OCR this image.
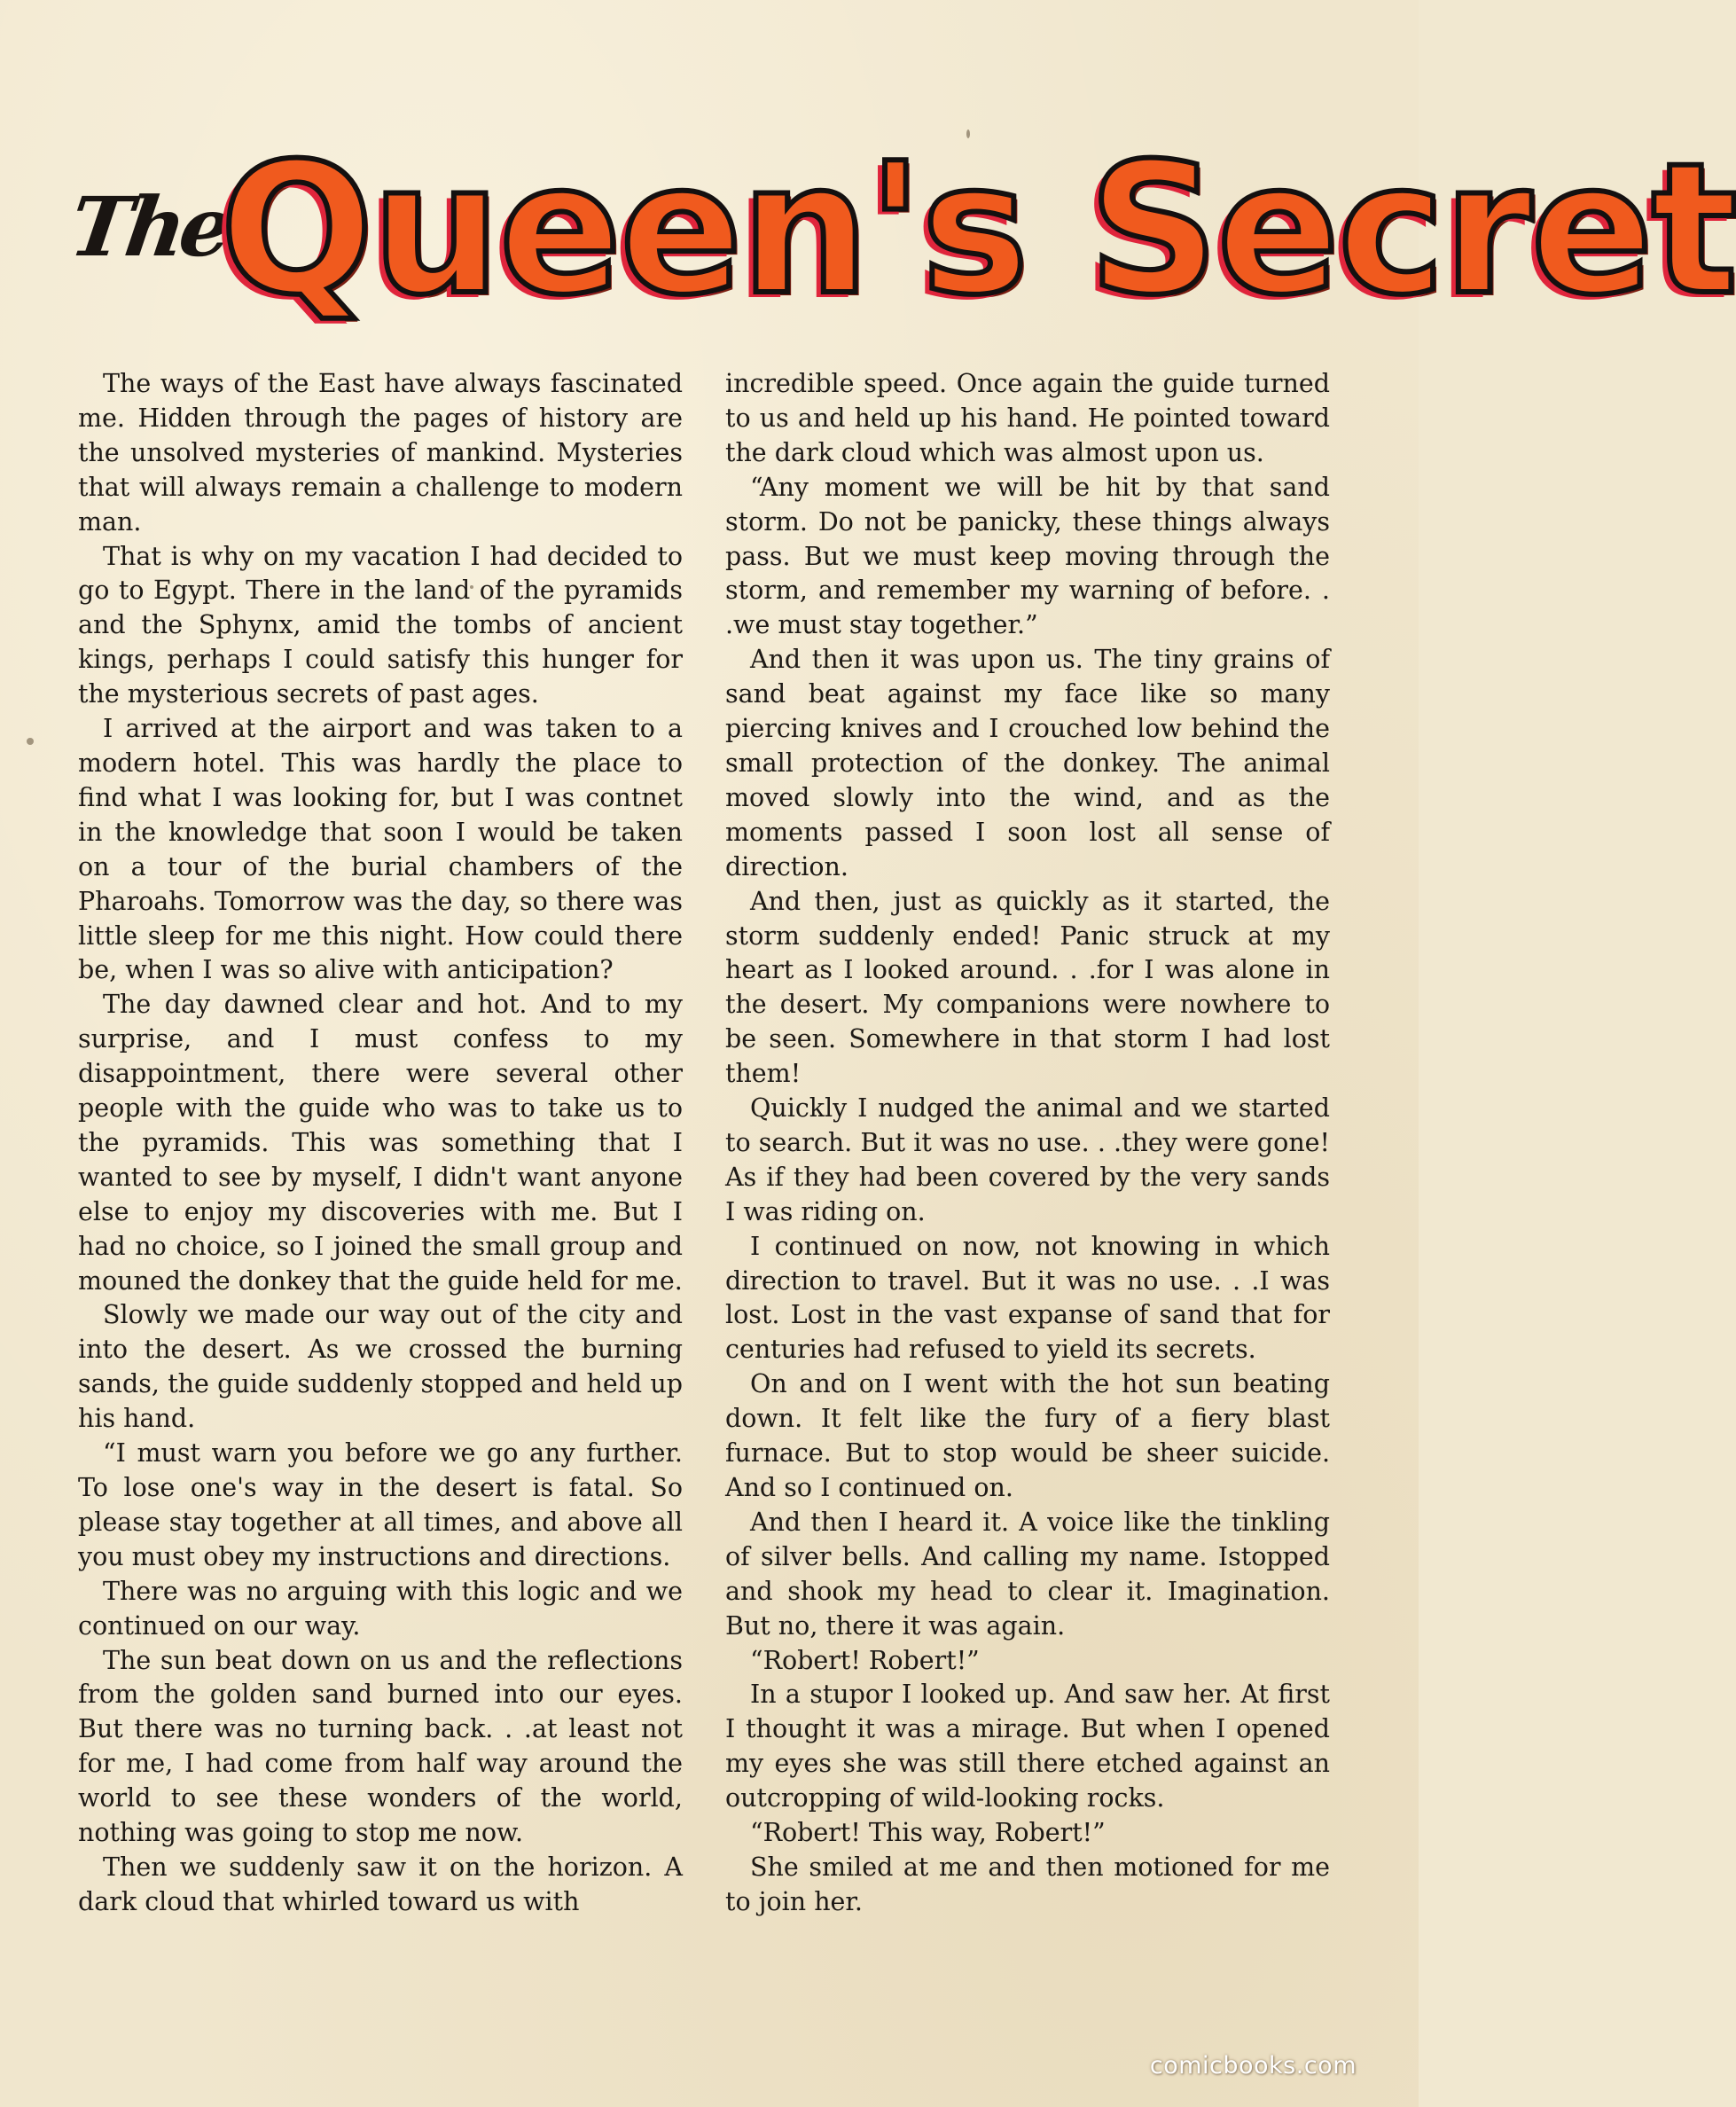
The
Queen's Secret

The ways of the East have always fascinated me. Hidden through the pages of history are the unsolved mysteries of mankind. Mysteries that will always remain a challenge to modern man.

That is why on my vacation I had decided to go to Egypt. There in the land of the pyramids and the Sphynx, amid the tombs of ancient kings, perhaps I could satisfy this hunger for the mysterious secrets of past ages.

I arrived at the airport and was taken to a modern hotel. This was hardly the place to find what I was looking for, but I was contnet in the knowledge that soon I would be taken on a tour of the burial chambers of the Pharoahs. Tomorrow was the day, so there was little sleep for me this night. How could there be, when I was so alive with anticipation?

The day dawned clear and hot. And to my surprise, and I must confess to my disappointment, there were several other people with the guide who was to take us to the pyramids. This was something that I wanted to see by myself, I didn't want anyone else to enjoy my discoveries with me. But I had no choice, so I joined the small group and mouned the donkey that the guide held for me.

Slowly we made our way out of the city and into the desert. As we crossed the burning sands, the guide suddenly stopped and held up his hand.

“I must warn you before we go any further. To lose one's way in the desert is fatal. So please stay together at all times, and above all you must obey my instructions and directions.

There was no arguing with this logic and we continued on our way.

The sun beat down on us and the reflections from the golden sand burned into our eyes. But there was no turning back. . .at least not for me, I had come from half way around the world to see these wonders of the world, nothing was going to stop me now.

Then we suddenly saw it on the horizon. A dark cloud that whirled toward us with

incredible speed. Once again the guide turned to us and held up his hand. He pointed toward the dark cloud which was almost upon us.

“Any moment we will be hit by that sand storm. Do not be panicky, these things always pass. But we must keep moving through the storm, and remember my warning of before. . .we must stay together.”

And then it was upon us. The tiny grains of sand beat against my face like so many piercing knives and I crouched low behind the small protection of the donkey. The animal moved slowly into the wind, and as the moments passed I soon lost all sense of direction.

And then, just as quickly as it started, the storm suddenly ended! Panic struck at my heart as I looked around. . .for I was alone in the desert. My companions were nowhere to be seen. Somewhere in that storm I had lost them!

Quickly I nudged the animal and we started to search. But it was no use. . .they were gone! As if they had been covered by the very sands I was riding on.

I continued on now, not knowing in which direction to travel. But it was no use. . .I was lost. Lost in the vast expanse of sand that for centuries had refused to yield its secrets.

On and on I went with the hot sun beating down. It felt like the fury of a fiery blast furnace. But to stop would be sheer suicide. And so I continued on.

And then I heard it. A voice like the tinkling of silver bells. And calling my name. Istopped and shook my head to clear it. Imagination. But no, there it was again.

“Robert! Robert!”

In a stupor I looked up. And saw her. At first I thought it was a mirage. But when I opened my eyes she was still there etched against an outcropping of wild-looking rocks.

“Robert! This way, Robert!”

She smiled at me and then motioned for me to join her.

comicbooks.com
